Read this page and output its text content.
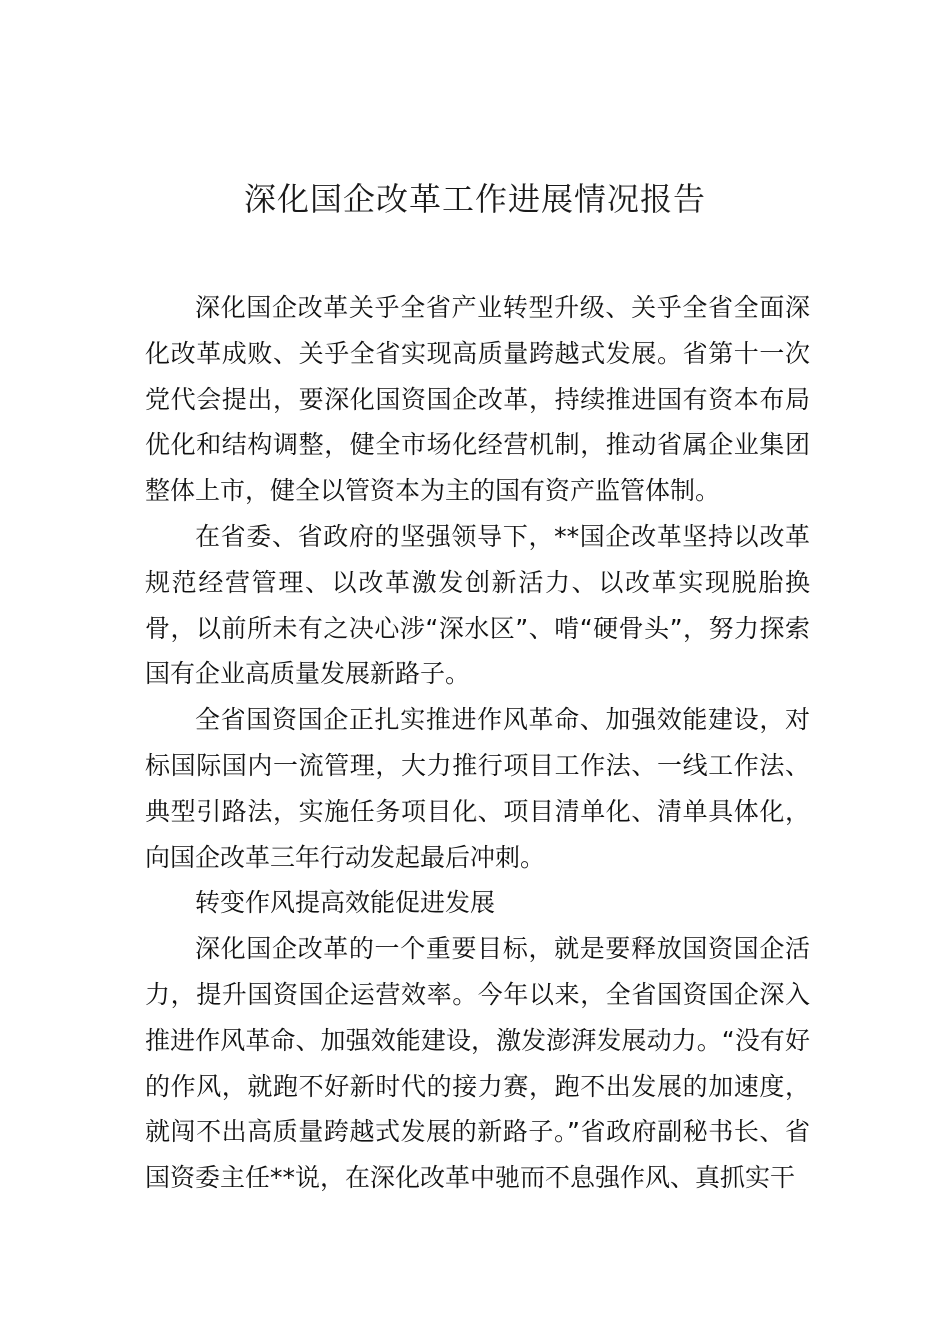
深化国企改革工作进展情况报告

深化国企改革关乎全省产业转型升级、关乎全省全面深化改革成败、关乎全省实现高质量跨越式发展。省第十一次党代会提出，要深化国资国企改革，持续推进国有资本布局优化和结构调整，健全市场化经营机制，推动省属企业集团整体上市，健全以管资本为主的国有资产监管体制。

在省委、省政府的坚强领导下，**国企改革坚持以改革规范经营管理、以改革激发创新活力、以改革实现脱胎换骨，以前所未有之决心涉“深水区”、啃“硬骨头”，努力探索国有企业高质量发展新路子。

全省国资国企正扎实推进作风革命、加强效能建设，对标国际国内一流管理，大力推行项目工作法、一线工作法、典型引路法，实施任务项目化、项目清单化、清单具体化，向国企改革三年行动发起最后冲刺。

转变作风提高效能促进发展

深化国企改革的一个重要目标，就是要释放国资国企活力，提升国资国企运营效率。今年以来，全省国资国企深入推进作风革命、加强效能建设，激发澎湃发展动力。“没有好的作风，就跑不好新时代的接力赛，跑不出发展的加速度，就闯不出高质量跨越式发展的新路子。”省政府副秘书长、省国资委主任**说，在深化改革中驰而不息强作风、真抓实干
